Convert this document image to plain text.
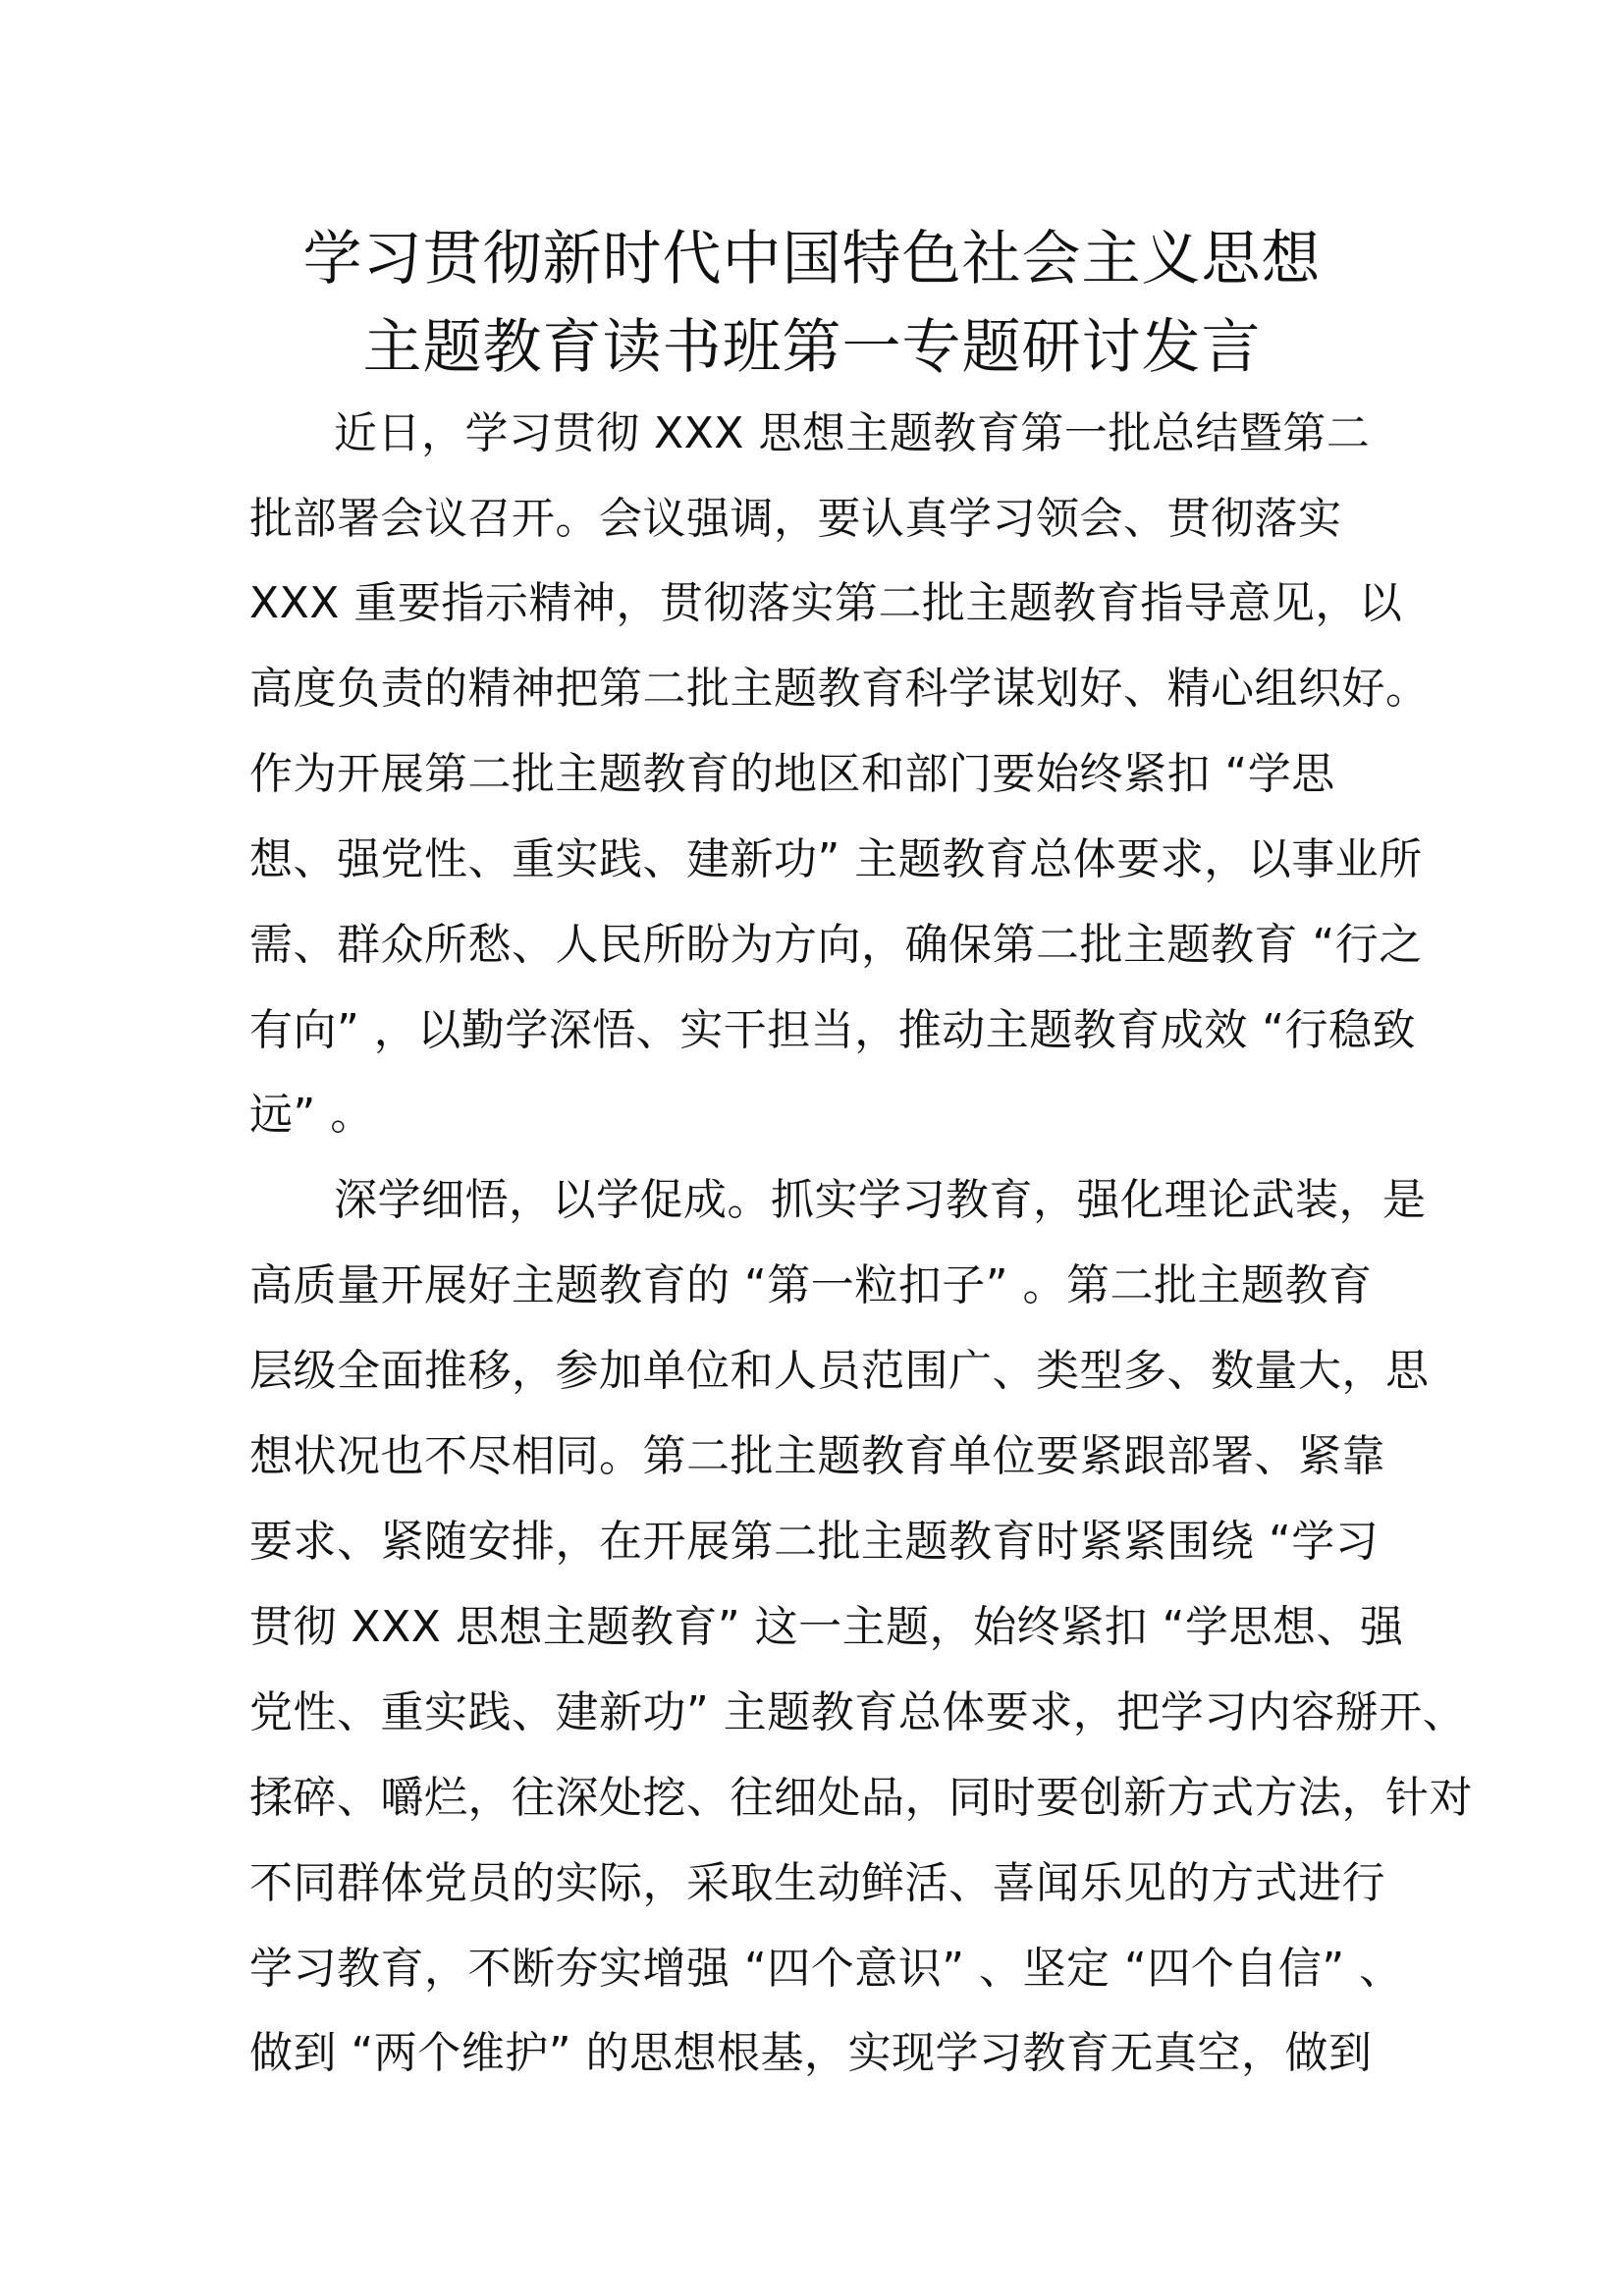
学习贯彻新时代中国特色社会主义思想
主题教育读书班第一专题研讨发言
近日，学习贯彻 XXX 思想主题教育第一批总结暨第二
批部署会议召开。会议强调，要认真学习领会、贯彻落实
XXX 重要指示精神，贯彻落实第二批主题教育指导意见，以
高度负责的精神把第二批主题教育科学谋划好、精心组织好。
作为开展第二批主题教育的地区和部门要始终紧扣 “学思
想、强党性、重实践、建新功” 主题教育总体要求，以事业所
需、群众所愁、人民所盼为方向，确保第二批主题教育 “行之
有向” ，以勤学深悟、实干担当，推动主题教育成效 “行稳致
远” 。
深学细悟，以学促成。抓实学习教育，强化理论武装，是
高质量开展好主题教育的 “第一粒扣子” 。第二批主题教育
层级全面推移，参加单位和人员范围广、类型多、数量大，思
想状况也不尽相同。第二批主题教育单位要紧跟部署、紧靠
要求、紧随安排，在开展第二批主题教育时紧紧围绕 “学习
贯彻 XXX 思想主题教育” 这一主题，始终紧扣 “学思想、强
党性、重实践、建新功” 主题教育总体要求，把学习内容掰开、
揉碎、嚼烂，往深处挖、往细处品，同时要创新方式方法，针对
不同群体党员的实际，采取生动鲜活、喜闻乐见的方式进行
学习教育，不断夯实增强 “四个意识” 、坚定 “四个自信” 、
做到 “两个维护” 的思想根基，实现学习教育无真空，做到
